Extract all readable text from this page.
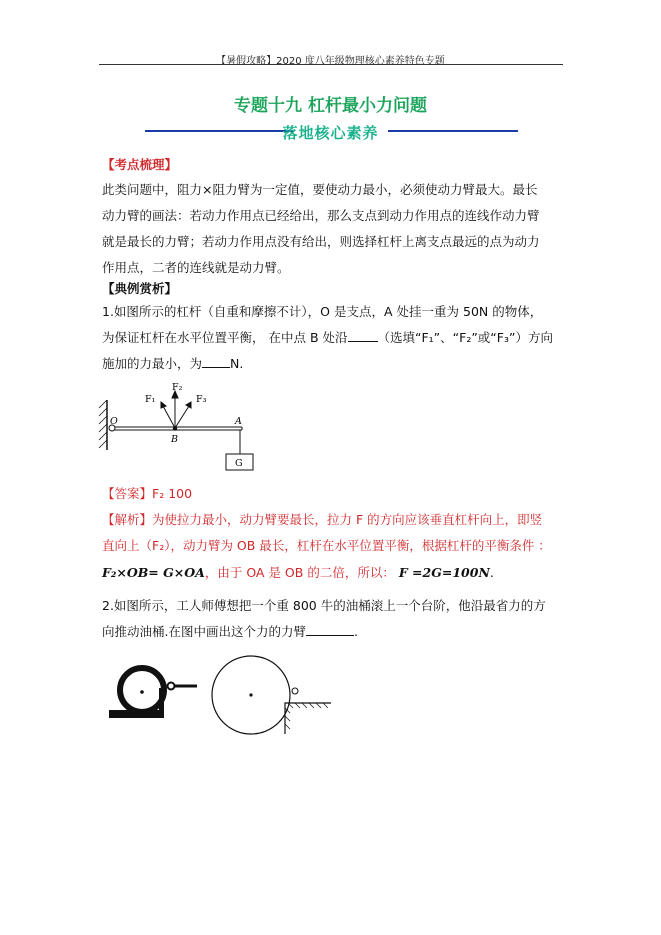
【暑假攻略】2020 度八年级物理核心素养特色专题
专题十九 杠杆最小力问题
落地核心素养
【考点梳理】
此类问题中，阻力×阻力臂为一定值，要使动力最小，必须使动力臂最大。最长
动力臂的画法：若动力作用点已经给出，那么支点到动力作用点的连线作动力臂
就是最长的力臂；若动力作用点没有给出，则选择杠杆上离支点最远的点为动力
作用点，二者的连线就是动力臂。
【典例赏析】
1.如图所示的杠杆（自重和摩擦不计），O 是支点，A 处挂一重为 50N 的物体，
为保证杠杆在水平位置平衡， 在中点 B 处沿 （选填“F₁”、“F₂”或“F₃”）方向
施加的力最小，为 N.
F₁
F₂
F₃
O
B
A
G
【答案】F₂ 100
【解析】为使拉力最小，动力臂要最长，拉力 F 的方向应该垂直杠杆向上，即竖
直向上（F₂），动力臂为 OB 最长，杠杆在水平位置平衡，根据杠杆的平衡条件 ：
F₂×OB= G×OA，由于 OA 是 OB 的二倍，所以： F =2G=100N.
2.如图所示，工人师傅想把一个重 800 牛的油桶滚上一个台阶，他沿最省力的方
向推动油桶.在图中画出这个力的力臂	.
